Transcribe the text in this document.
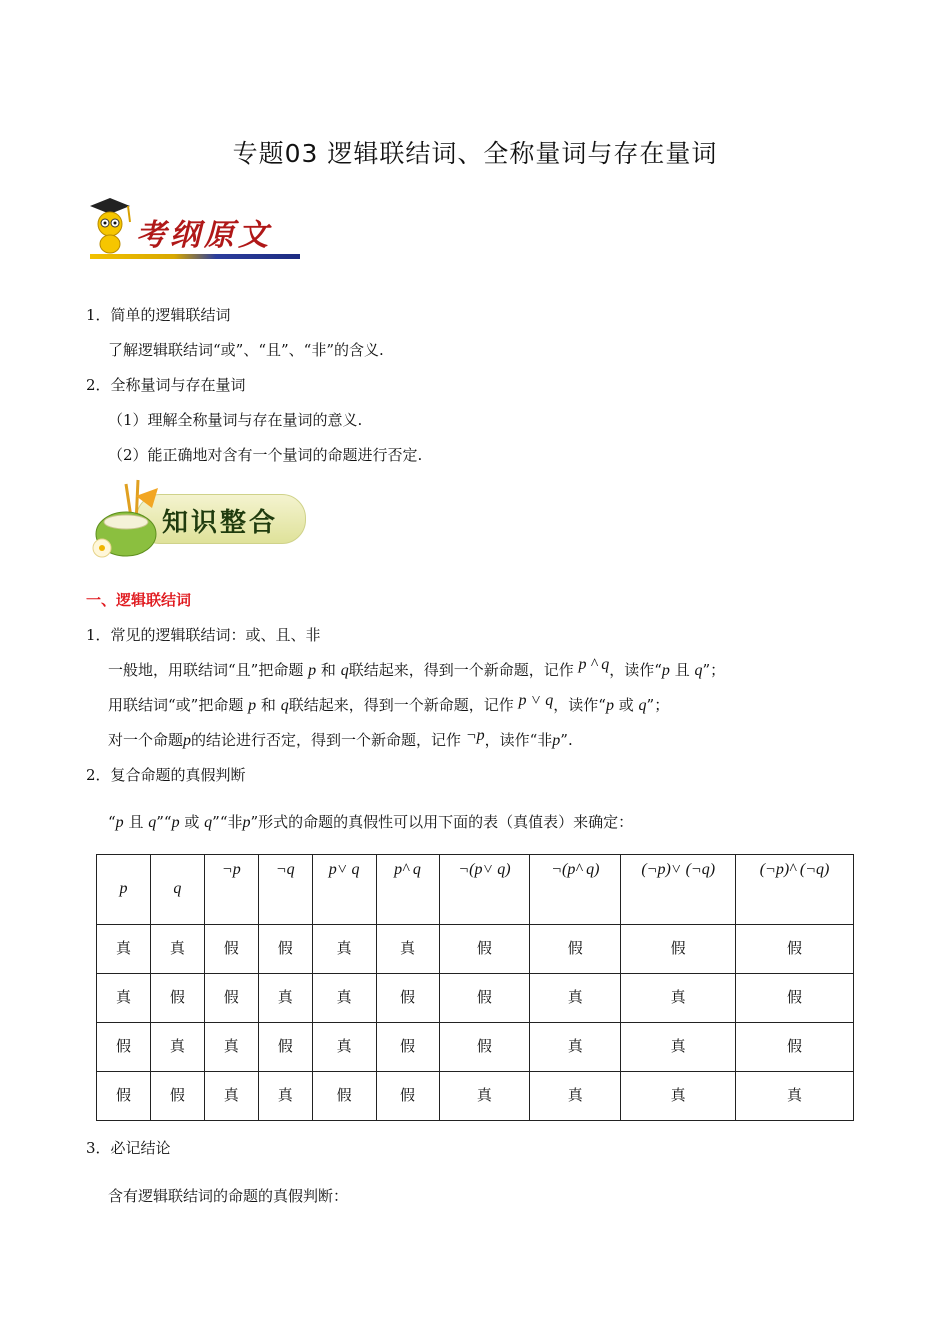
专题03 逻辑联结词、全称量词与存在量词
考纲原文
1．简单的逻辑联结词
了解逻辑联结词“或”、“且”、“非”的含义.
2．全称量词与存在量词
（1）理解全称量词与存在量词的意义.
（2）能正确地对含有一个量词的命题进行否定.
知识整合
一、逻辑联结词
1．常见的逻辑联结词：或、且、非
一般地，用联结词“且”把命题 p 和 q联结起来，得到一个新命题，记作 p ^ q，读作“p 且 q”；
用联结词“或”把命题 p 和 q联结起来，得到一个新命题，记作 p ˅ q，读作“p 或 q”；
对一个命题p的结论进行否定，得到一个新命题，记作 ¬p，读作“非p”.
2．复合命题的真假判断
“p 且 q”“p 或 q”“非p”形式的命题的真假性可以用下面的表（真值表）来确定：
p	q	¬p	¬q	p˅ q	p^ q	¬(p˅ q)	¬(p^ q)	(¬p)˅ (¬q)	(¬p)^ (¬q)
真	真	假	假	真	真	假	假	假	假
真	假	假	真	真	假	假	真	真	假
假	真	真	假	真	假	假	真	真	假
假	假	真	真	假	假	真	真	真	真
3．必记结论
含有逻辑联结词的命题的真假判断：
